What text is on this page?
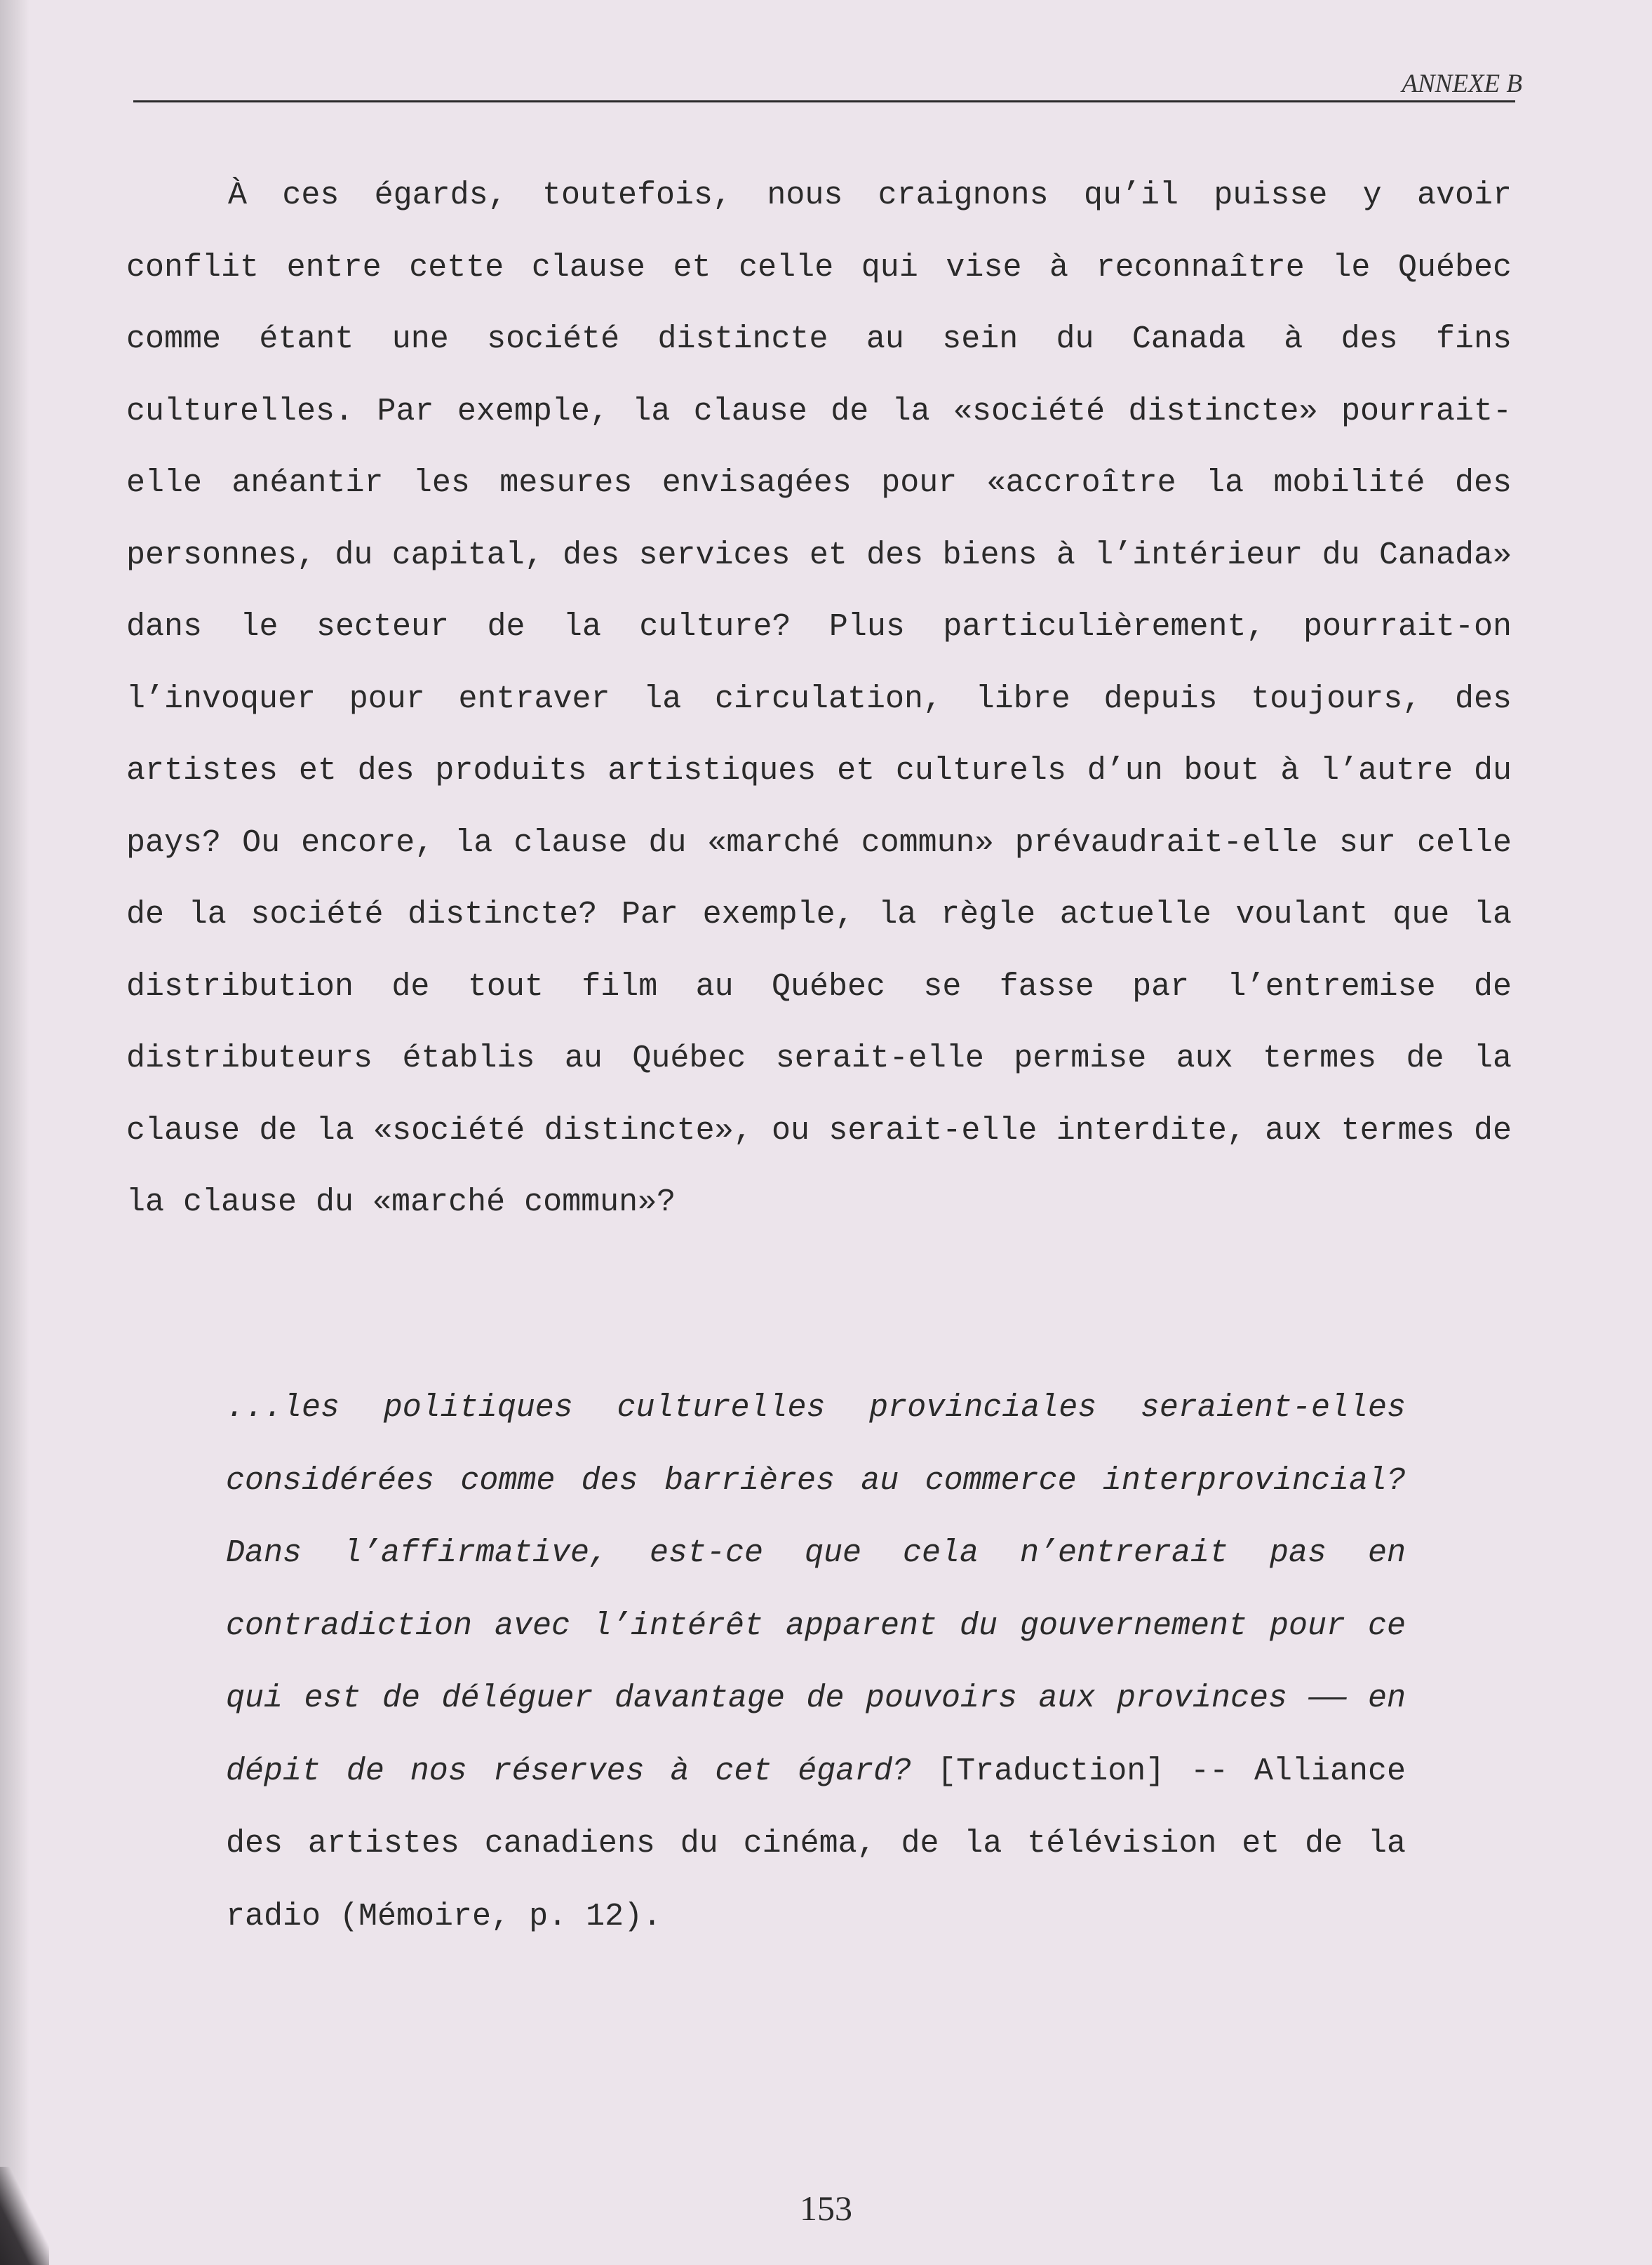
ANNEXE B
À ces égards, toutefois, nous craignons qu’il puisse y avoir conflit entre cette clause et celle qui vise à reconnaître le Québec comme étant une société distincte au sein du Canada à des fins culturelles. Par exemple, la clause de la «société distincte» pourrait-elle anéantir les mesures envisagées pour «accroître la mobilité des personnes, du capital, des services et des biens à l’intérieur du Canada» dans le secteur de la culture? Plus particulièrement, pourrait-on l’invoquer pour entraver la circulation, libre depuis toujours, des artistes et des produits artistiques et culturels d’un bout à l’autre du pays? Ou encore, la clause du «marché commun» prévaudrait-elle sur celle de la société distincte? Par exemple, la règle actuelle voulant que la distribution de tout film au Québec se fasse par l’entremise de distributeurs établis au Québec serait-elle permise aux termes de la clause de la «société distincte», ou serait-elle interdite, aux termes de la clause du «marché commun»?
...les politiques culturelles provinciales seraient-elles considérées comme des barrières au commerce interprovincial? Dans l’affirmative, est-ce que cela n’entrerait pas en contradiction avec l’intérêt apparent du gouvernement pour ce qui est de déléguer davantage de pouvoirs aux provinces —— en dépit de nos réserves à cet égard? [Traduction] -- Alliance des artistes canadiens du cinéma, de la télévision et de la radio (Mémoire, p. 12).
153
